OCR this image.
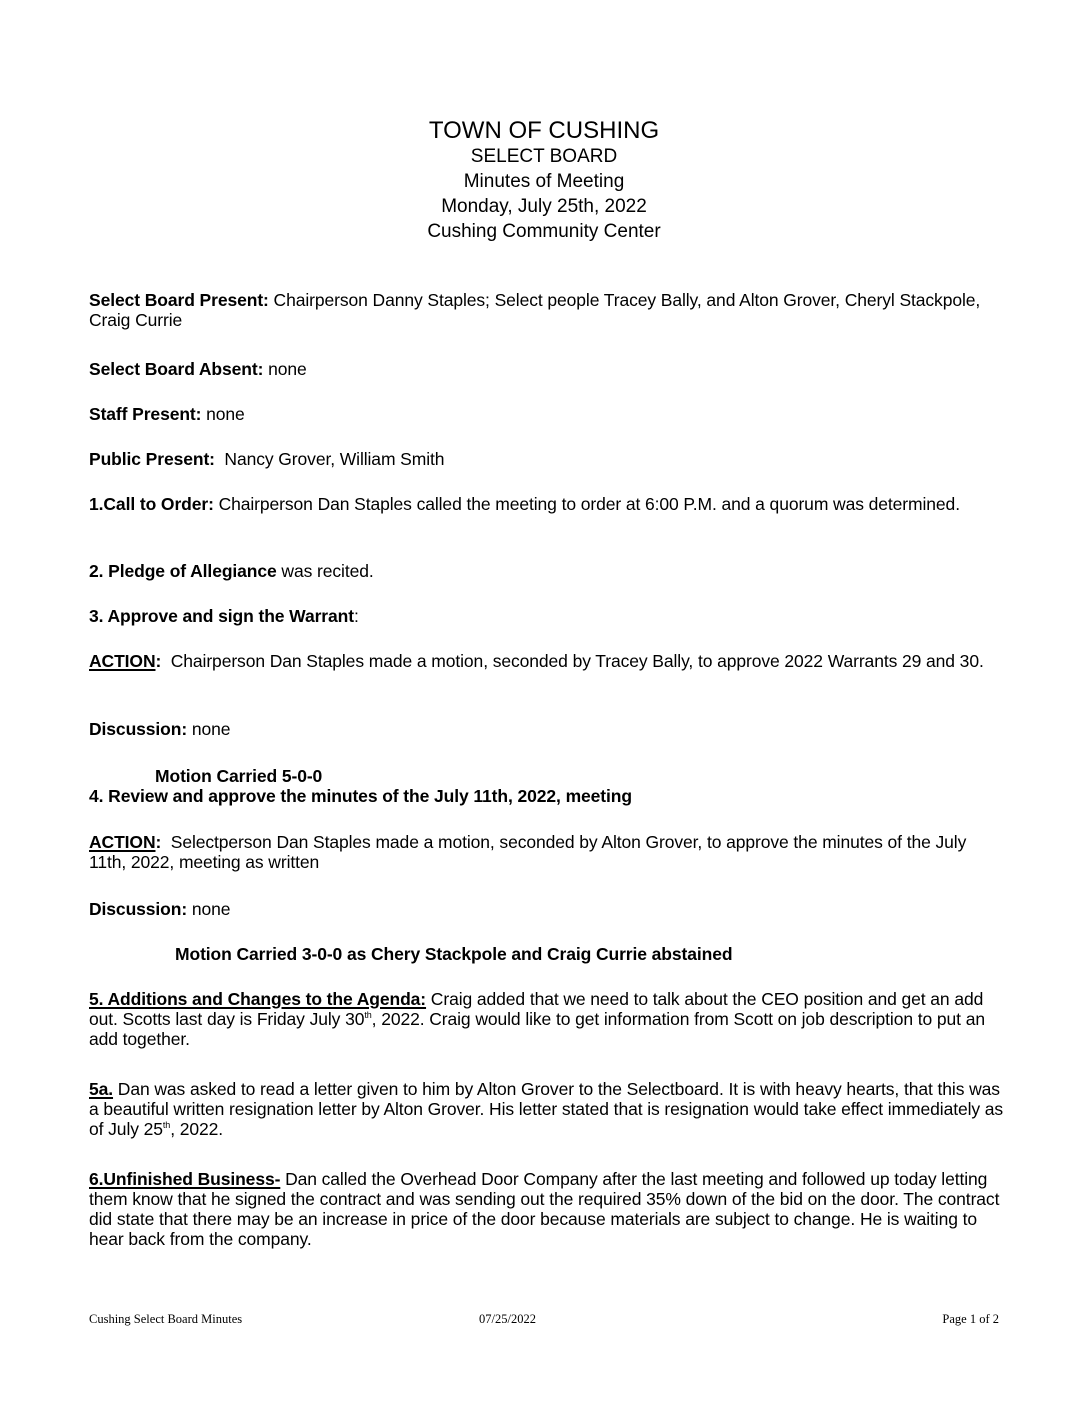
TOWN OF CUSHING
SELECT BOARD
Minutes of Meeting
Monday, July 25th, 2022
Cushing Community Center
Select Board Present: Chairperson Danny Staples; Select people Tracey Bally, and Alton Grover, Cheryl Stackpole, Craig Currie
Select Board Absent: none
Staff Present: none
Public Present:  Nancy Grover, William Smith
1.Call to Order: Chairperson Dan Staples called the meeting to order at 6:00 P.M. and a quorum was determined.
2. Pledge of Allegiance was recited.
3. Approve and sign the Warrant:
ACTION:  Chairperson Dan Staples made a motion, seconded by Tracey Bally, to approve 2022 Warrants 29 and 30.
Discussion: none
Motion Carried 5-0-0
4. Review and approve the minutes of the July 11th, 2022, meeting
ACTION:  Selectperson Dan Staples made a motion, seconded by Alton Grover, to approve the minutes of the July 11th, 2022, meeting as written
Discussion: none
Motion Carried 3-0-0 as Chery Stackpole and Craig Currie abstained
5. Additions and Changes to the Agenda: Craig added that we need to talk about the CEO position and get an add out. Scotts last day is Friday July 30th, 2022. Craig would like to get information from Scott on job description to put an add together.
5a. Dan was asked to read a letter given to him by Alton Grover to the Selectboard. It is with heavy hearts, that this was a beautiful written resignation letter by Alton Grover. His letter stated that is resignation would take effect immediately as of July 25th, 2022.
6.Unfinished Business- Dan called the Overhead Door Company after the last meeting and followed up today letting them know that he signed the contract and was sending out the required 35% down of the bid on the door. The contract did state that there may be an increase in price of the door because materials are subject to change. He is waiting to hear back from the company.
Cushing Select Board Minutes	07/25/2022	Page 1 of 2
